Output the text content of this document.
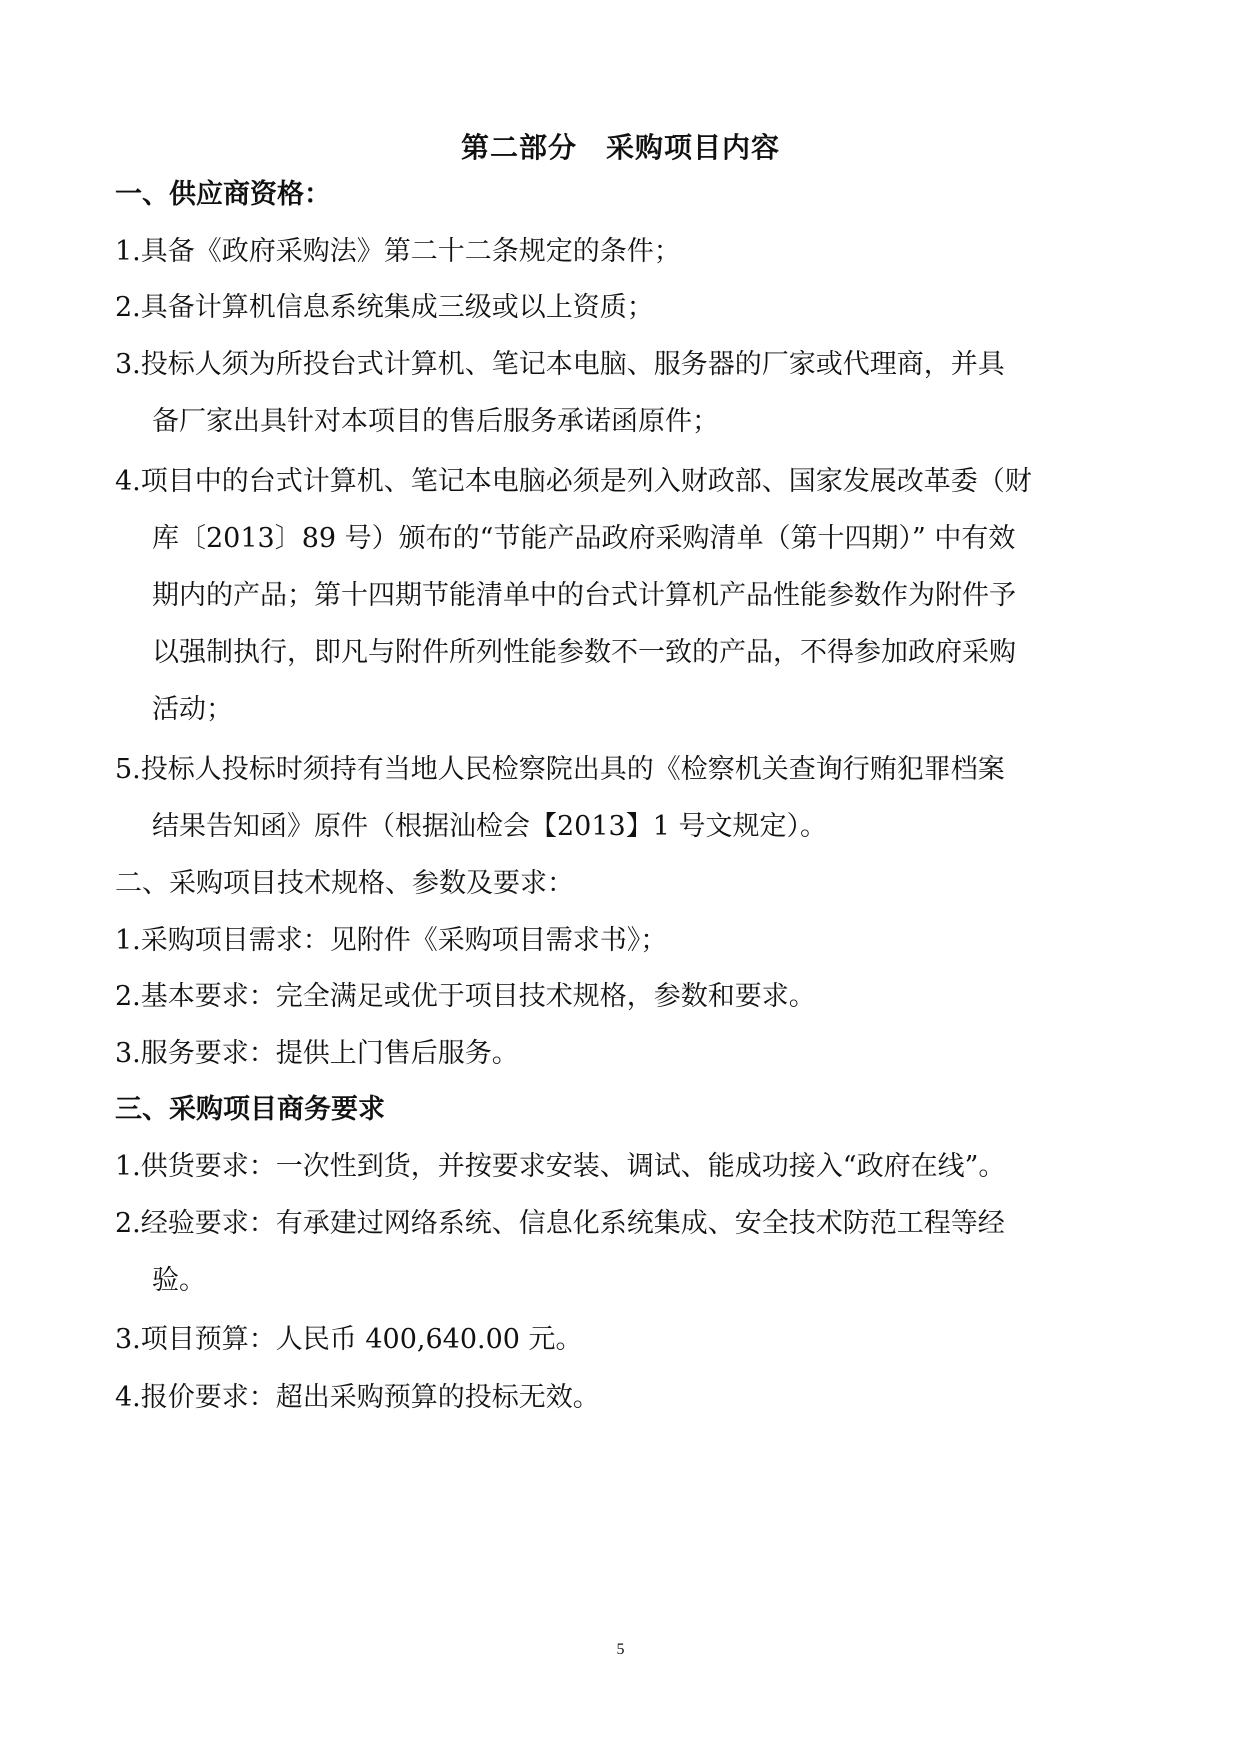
第二部分　采购项目内容
一、供应商资格：
1.具备《政府采购法》第二十二条规定的条件；
2.具备计算机信息系统集成三级或以上资质；
3.投标人须为所投台式计算机、笔记本电脑、服务器的厂家或代理商，并具
备厂家出具针对本项目的售后服务承诺函原件；
4.项目中的台式计算机、笔记本电脑必须是列入财政部、国家发展改革委（财
库〔2013〕89 号）颁布的“节能产品政府采购清单（第十四期）” 中有效
期内的产品；第十四期节能清单中的台式计算机产品性能参数作为附件予
以强制执行，即凡与附件所列性能参数不一致的产品，不得参加政府采购
活动；
5.投标人投标时须持有当地人民检察院出具的《检察机关查询行贿犯罪档案
结果告知函》原件（根据汕检会【2013】1 号文规定）。
二、采购项目技术规格、参数及要求：
1.采购项目需求：见附件《采购项目需求书》；
2.基本要求：完全满足或优于项目技术规格，参数和要求。
3.服务要求：提供上门售后服务。
三、采购项目商务要求
1.供货要求：一次性到货，并按要求安装、调试、能成功接入“政府在线”。
2.经验要求：有承建过网络系统、信息化系统集成、安全技术防范工程等经
验。
3.项目预算：人民币 400,640.00 元。
4.报价要求：超出采购预算的投标无效。
5
